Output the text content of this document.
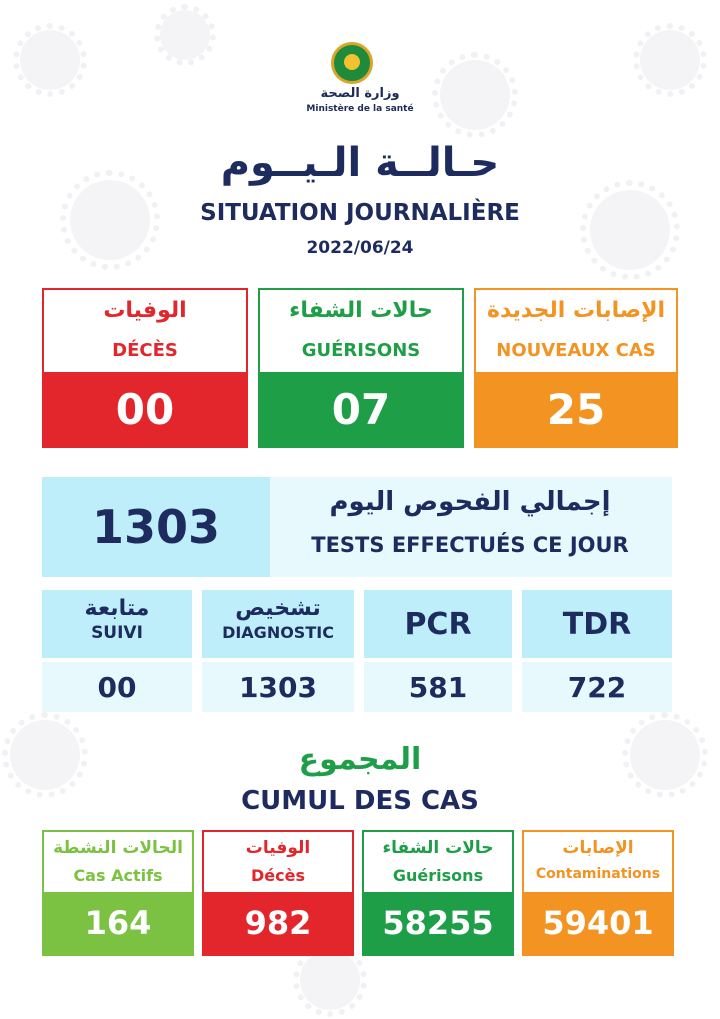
وزارة الصحة
Ministère de la santé
حـالــة الـيــوم
SITUATION JOURNALIÈRE
2022/06/24
الوفيات
DÉCÈS
00
حالات الشفاء
GUÉRISONS
07
الإصابات الجديدة
NOUVEAUX CAS
25
1303	إجمالي الفحوص اليوم
TESTS EFFECTUÉS CE JOUR
متابعة
SUIVI
00
تشخيص
DIAGNOSTIC
1303
PCR
581
TDR
722
المجموع
CUMUL DES CAS
الحالات النشطة
Cas Actifs
164
الوفيات
Décès
982
حالات الشفاء
Guérisons
58255
الإصابات
Contaminations
59401
